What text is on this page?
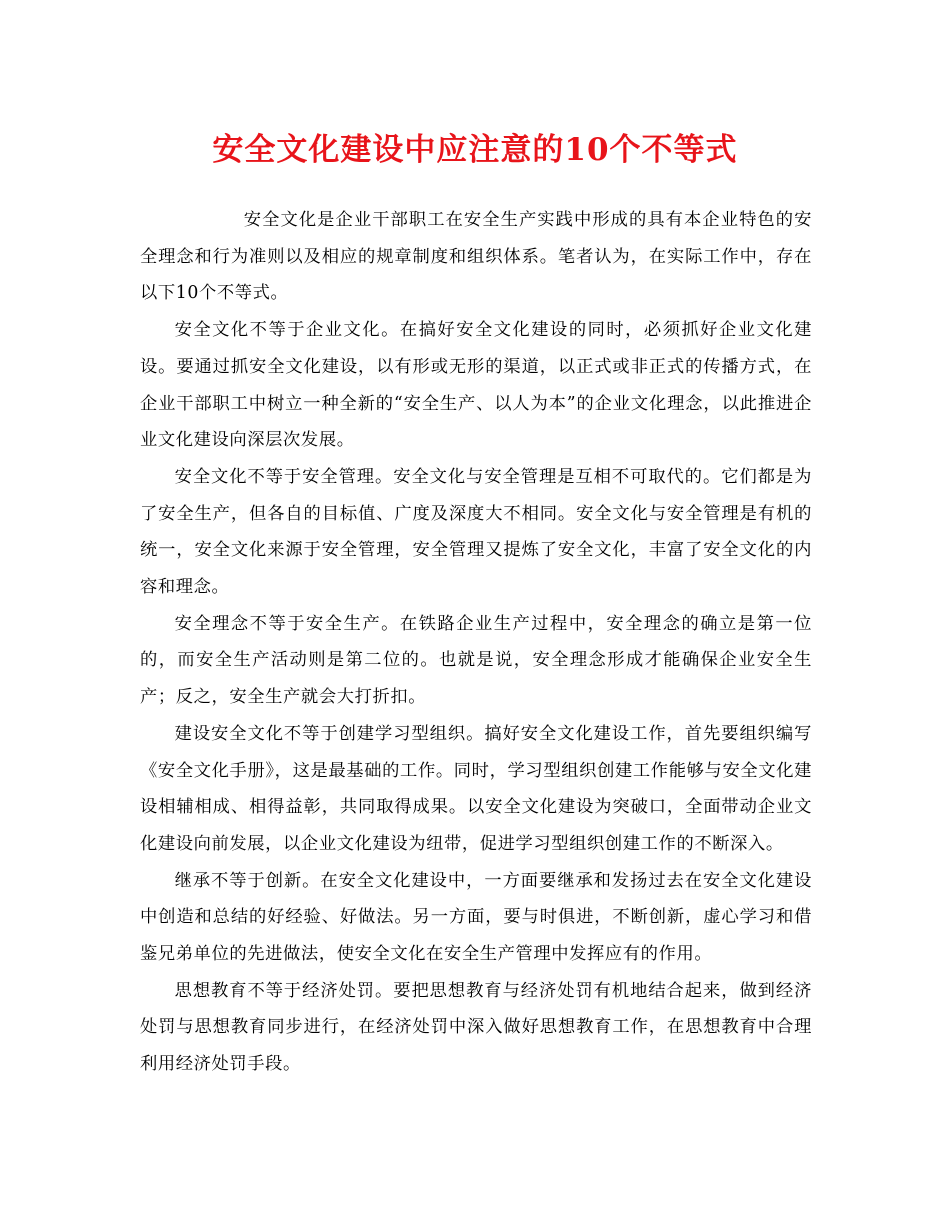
安全文化建设中应注意的10个不等式

安全文化是企业干部职工在安全生产实践中形成的具有本企业特色的安全理念和行为准则以及相应的规章制度和组织体系。笔者认为，在实际工作中，存在以下10个不等式。

安全文化不等于企业文化。在搞好安全文化建设的同时，必须抓好企业文化建设。要通过抓安全文化建设，以有形或无形的渠道，以正式或非正式的传播方式，在企业干部职工中树立一种全新的“安全生产、以人为本”的企业文化理念，以此推进企业文化建设向深层次发展。

安全文化不等于安全管理。安全文化与安全管理是互相不可取代的。它们都是为了安全生产，但各自的目标值、广度及深度大不相同。安全文化与安全管理是有机的统一，安全文化来源于安全管理，安全管理又提炼了安全文化，丰富了安全文化的内容和理念。

安全理念不等于安全生产。在铁路企业生产过程中，安全理念的确立是第一位的，而安全生产活动则是第二位的。也就是说，安全理念形成才能确保企业安全生产；反之，安全生产就会大打折扣。

建设安全文化不等于创建学习型组织。搞好安全文化建设工作，首先要组织编写《安全文化手册》，这是最基础的工作。同时，学习型组织创建工作能够与安全文化建设相辅相成、相得益彰，共同取得成果。以安全文化建设为突破口，全面带动企业文化建设向前发展，以企业文化建设为纽带，促进学习型组织创建工作的不断深入。

继承不等于创新。在安全文化建设中，一方面要继承和发扬过去在安全文化建设中创造和总结的好经验、好做法。另一方面，要与时俱进，不断创新，虚心学习和借鉴兄弟单位的先进做法，使安全文化在安全生产管理中发挥应有的作用。

思想教育不等于经济处罚。要把思想教育与经济处罚有机地结合起来，做到经济处罚与思想教育同步进行，在经济处罚中深入做好思想教育工作，在思想教育中合理利用经济处罚手段。
